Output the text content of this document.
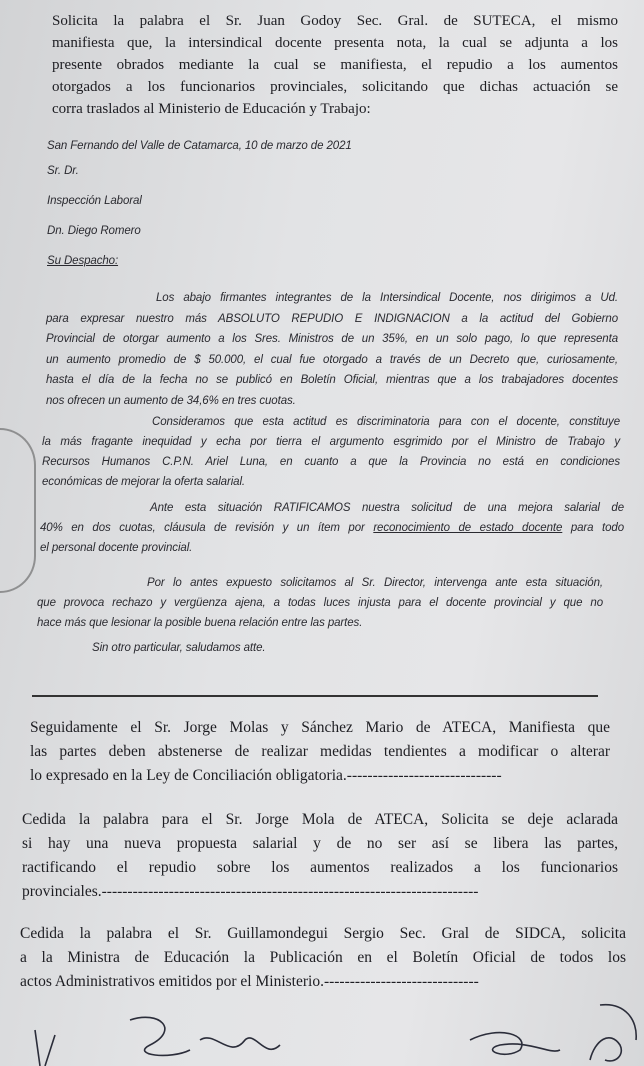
Solicita la palabra el Sr. Juan Godoy Sec. Gral. de SUTECA, el mismo
manifiesta que, la intersindical docente presenta nota, la cual se adjunta a los
presente obrados mediante la cual se manifiesta, el repudio a los aumentos
otorgados a los funcionarios provinciales, solicitando que dichas actuación se
corra traslados al Ministerio de Educación y Trabajo:
San Fernando del Valle de Catamarca, 10 de marzo de 2021
Sr. Dr.
Inspección Laboral
Dn. Diego Romero
Su Despacho:
Los abajo firmantes integrantes de la Intersindical Docente, nos dirigimos a Ud.
para expresar nuestro más ABSOLUTO REPUDIO E INDIGNACION a la actitud del Gobierno
Provincial de otorgar aumento a los Sres. Ministros de un 35%, en un solo pago, lo que representa
un aumento promedio de $ 50.000, el cual fue otorgado a través de un Decreto que, curiosamente,
hasta el día de la fecha no se publicó en Boletín Oficial, mientras que a los trabajadores docentes
nos ofrecen un aumento de 34,6% en tres cuotas.
Consideramos que esta actitud es discriminatoria para con el docente, constituye
la más fragante inequidad y echa por tierra el argumento esgrimido por el Ministro de Trabajo y
Recursos Humanos C.P.N. Ariel Luna, en cuanto a que la Provincia no está en condiciones
económicas de mejorar la oferta salarial.
Ante esta situación RATIFICAMOS nuestra solicitud de una mejora salarial de
40% en dos cuotas, cláusula de revisión y un ítem por reconocimiento de estado docente para todo
el personal docente provincial.
Por lo antes expuesto solicitamos al Sr. Director, intervenga ante esta situación,
que provoca rechazo y vergüenza ajena, a todas luces injusta para el docente provincial y que no
hace más que lesionar la posible buena relación entre las partes.
Sin otro particular, saludamos atte.
Seguidamente el Sr. Jorge Molas y Sánchez Mario de ATECA, Manifiesta que
las partes deben abstenerse de realizar medidas tendientes a modificar o alterar
lo expresado en la Ley de Conciliación obligatoria.------------------------------
Cedida la palabra para el Sr. Jorge Mola de ATECA, Solicita se deje aclarada
si hay una nueva propuesta salarial y de no ser así se libera las partes,
ractificando el repudio sobre los aumentos realizados a los funcionarios
provinciales.-------------------------------------------------------------------------
Cedida la palabra el Sr. Guillamondegui Sergio Sec. Gral de SIDCA, solicita
a la Ministra de Educación la Publicación en el Boletín Oficial de todos los
actos Administrativos emitidos por el Ministerio.------------------------------
